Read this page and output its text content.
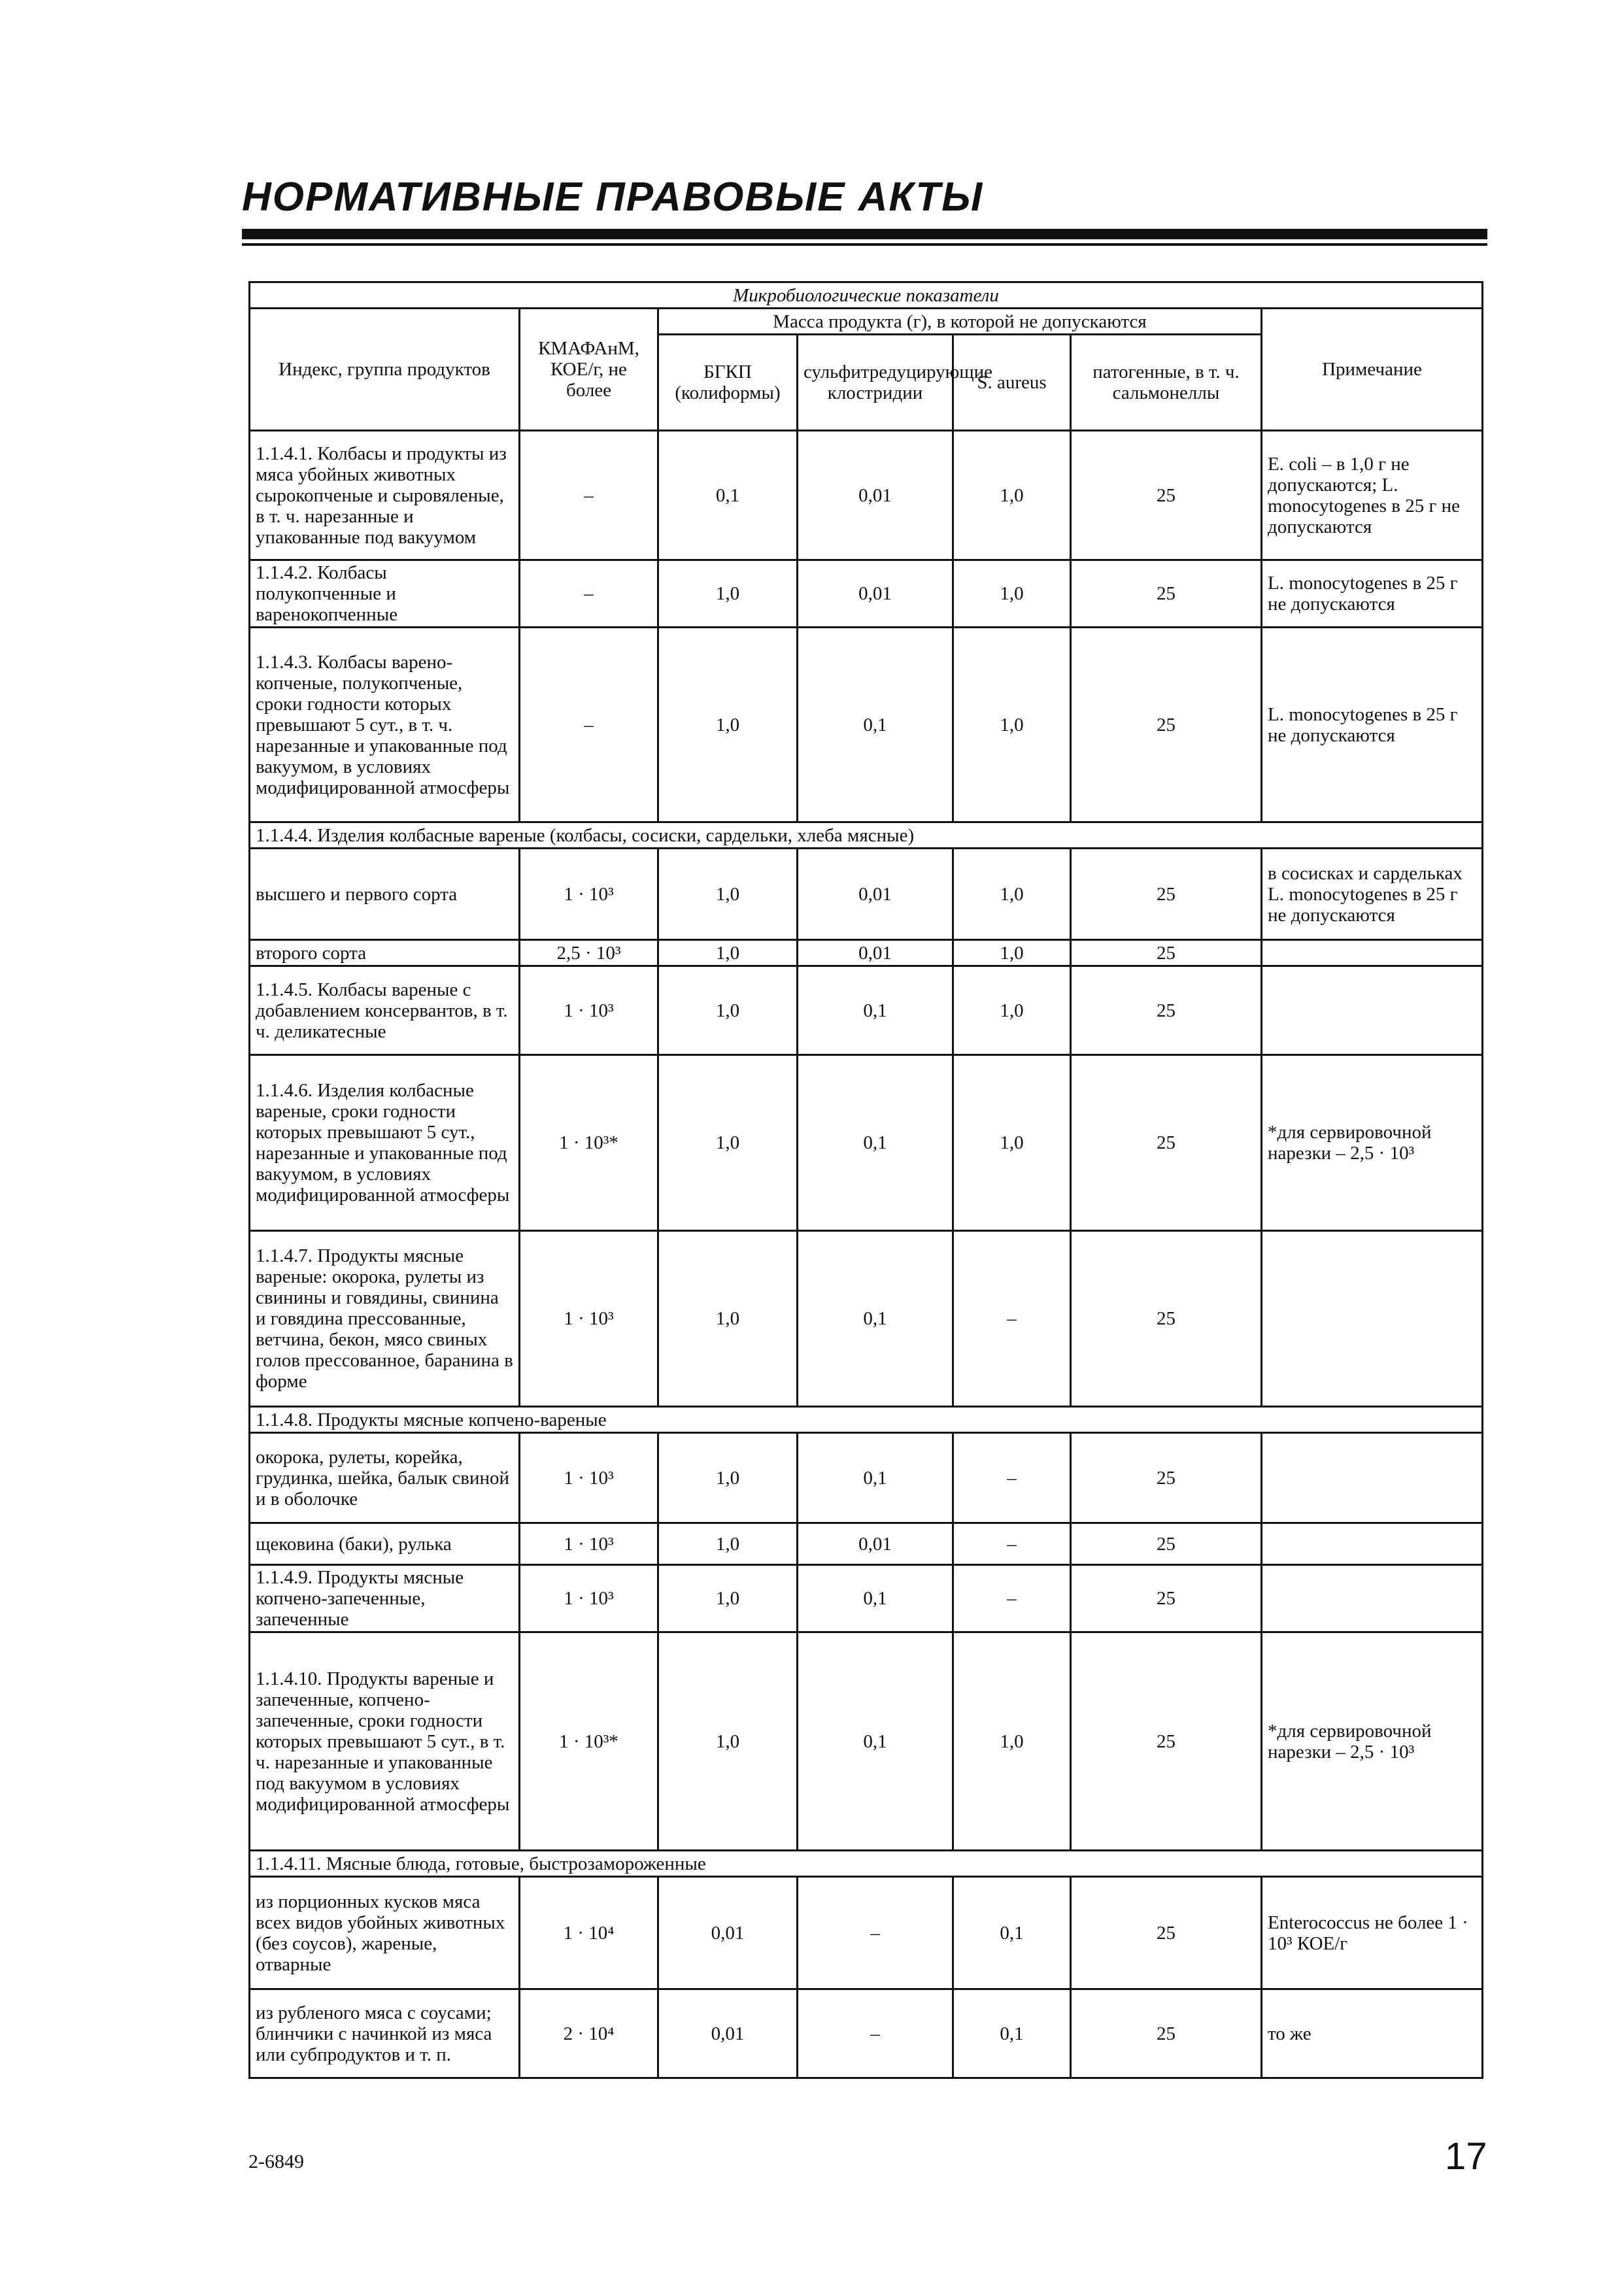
НОРМАТИВНЫЕ ПРАВОВЫЕ АКТЫ
Микробиологические показатели						
Индекс, группа продуктов	КМАФАнМ, КОЕ/г, не более	Масса продукта (г), в которой не допускаются				Примечание
		БГКП (колиформы)	сульфитредуцирующие клостридии	S. aureus	патогенные, в т. ч. сальмонеллы	
1.1.4.1. Колбасы и продукты из мяса убойных животных сырокопченые и сыровяленые, в т. ч. нарезанные и упакованные под вакуумом	–	0,1	0,01	1,0	25	E. coli – в 1,0 г не допускаются; L. monocytogenes в 25 г не допускаются
1.1.4.2. Колбасы полукопченные и варенокопченные	–	1,0	0,01	1,0	25	L. monocytogenes в 25 г не допускаются
1.1.4.3. Колбасы варено-копченые, полукопченые, сроки годности которых превышают 5 сут., в т. ч. нарезанные и упакованные под вакуумом, в условиях модифицированной атмосферы	–	1,0	0,1	1,0	25	L. monocytogenes в 25 г не допускаются
1.1.4.4. Изделия колбасные вареные (колбасы, сосиски, сардельки, хлеба мясные)						
высшего и первого сорта	1 · 10³	1,0	0,01	1,0	25	в сосисках и сардельках L. monocytogenes в 25 г не допускаются
второго сорта	2,5 · 10³	1,0	0,01	1,0	25	
1.1.4.5. Колбасы вареные с добавлением консервантов, в т. ч. деликатесные	1 · 10³	1,0	0,1	1,0	25	
1.1.4.6. Изделия колбасные вареные, сроки годности которых превышают 5 сут., нарезанные и упакованные под вакуумом, в условиях модифицированной атмосферы	1 · 10³*	1,0	0,1	1,0	25	*для сервировочной нарезки – 2,5 · 10³
1.1.4.7. Продукты мясные вареные: окорока, рулеты из свинины и говядины, свинина и говядина прессованные, ветчина, бекон, мясо свиных голов прессованное, баранина в форме	1 · 10³	1,0	0,1	–	25	
1.1.4.8. Продукты мясные копчено-вареные						
окорока, рулеты, корейка, грудинка, шейка, балык свиной и в оболочке	1 · 10³	1,0	0,1	–	25	
щековина (баки), рулька	1 · 10³	1,0	0,01	–	25	
1.1.4.9. Продукты мясные копчено-запеченные, запеченные	1 · 10³	1,0	0,1	–	25	
1.1.4.10. Продукты вареные и запеченные, копчено-запеченные, сроки годности которых превышают 5 сут., в т. ч. нарезанные и упакованные под вакуумом в условиях модифицированной атмосферы	1 · 10³*	1,0	0,1	1,0	25	*для сервировочной нарезки – 2,5 · 10³
1.1.4.11. Мясные блюда, готовые, быстрозамороженные						
из порционных кусков мяса всех видов убойных животных (без соусов), жареные, отварные	1 · 10⁴	0,01	–	0,1	25	Enterococcus не более 1 · 10³ КОЕ/г
из рубленого мяса с соусами; блинчики с начинкой из мяса или субпродуктов и т. п.	2 · 10⁴	0,01	–	0,1	25	то же
2-6849	17
